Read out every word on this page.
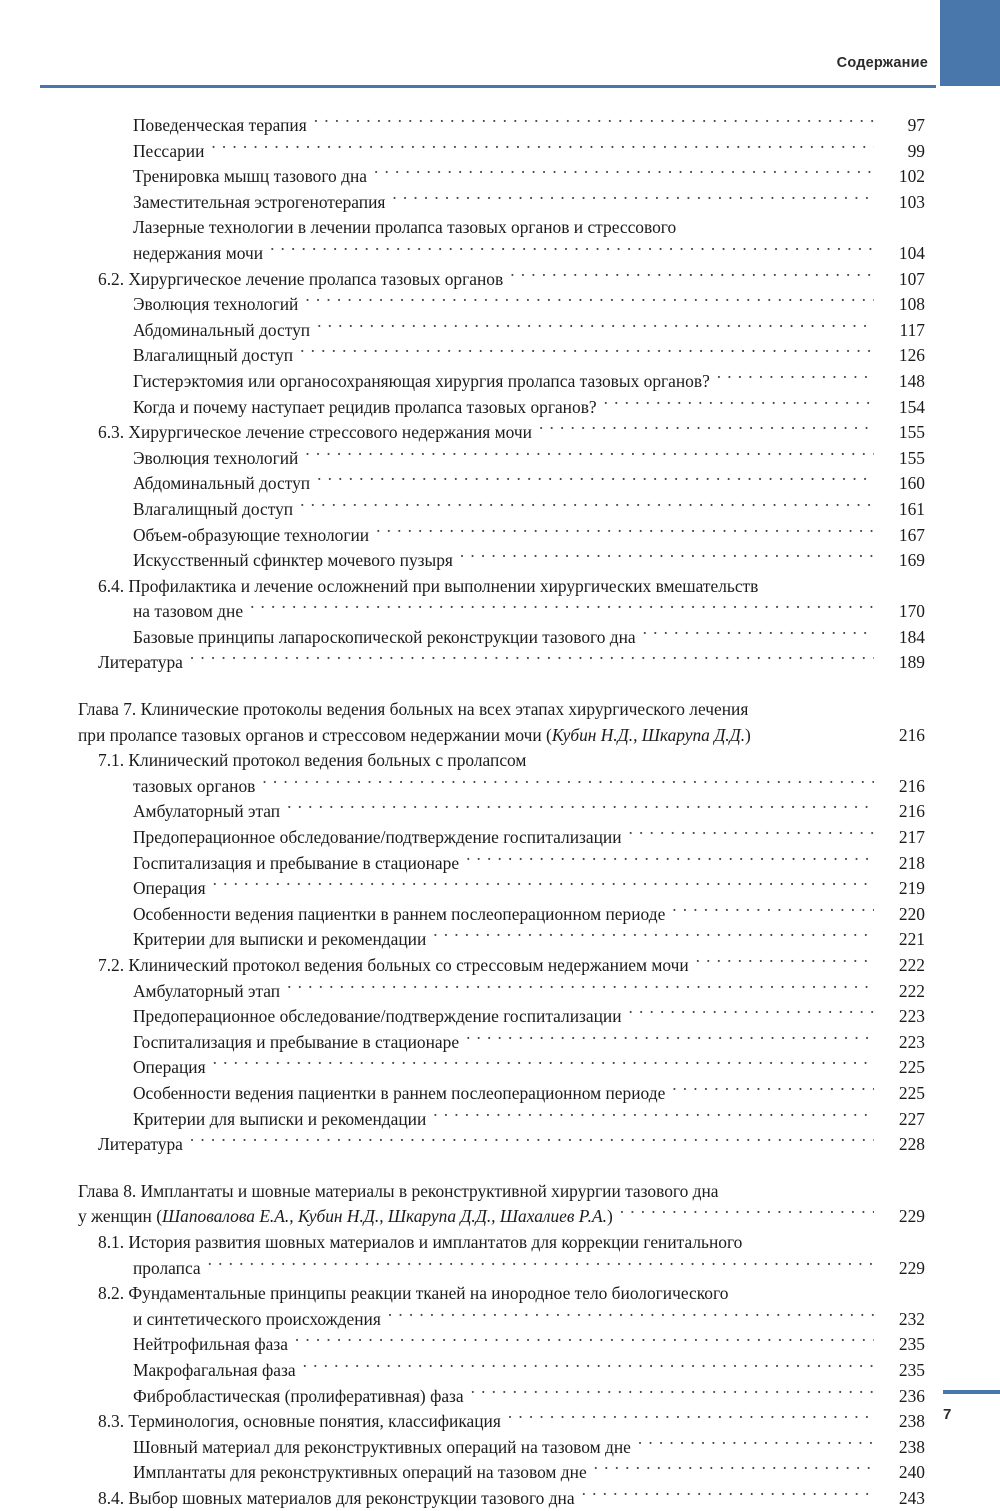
Содержание
Поведенческая терапия . . .	97
Пессарии . . .	99
Тренировка мышц тазового дна . . .	102
Заместительная эстрогенотерапия . . .	103
Лазерные технологии в лечении пролапса тазовых органов и стрессового
недержания мочи . . .	104
6.2. Хирургическое лечение пролапса тазовых органов . . .	107
Эволюция технологий . . .	108
Абдоминальный доступ . . .	117
Влагалищный доступ . . .	126
Гистерэктомия или органосохраняющая хирургия пролапса тазовых органов? . . .	148
Когда и почему наступает рецидив пролапса тазовых органов? . . .	154
6.3. Хирургическое лечение стрессового недержания мочи . . .	155
Эволюция технологий . . .	155
Абдоминальный доступ . . .	160
Влагалищный доступ . . .	161
Объем-образующие технологии . . .	167
Искусственный сфинктер мочевого пузыря . . .	169
6.4. Профилактика и лечение осложнений при выполнении хирургических вмешательств
на тазовом дне . . .	170
Базовые принципы лапароскопической реконструкции тазового дна . . .	184
Литература . . .	189
Глава 7. Клинические протоколы ведения больных на всех этапах хирургического лечения
при пролапсе тазовых органов и стрессовом недержании мочи (Кубин Н.Д., Шкарупа Д.Д.)	216
7.1. Клинический протокол ведения больных с пролапсом
тазовых органов . . .	216
Амбулаторный этап . . .	216
Предоперационное обследование/подтверждение госпитализации . . .	217
Госпитализация и пребывание в стационаре . . .	218
Операция . . .	219
Особенности ведения пациентки в раннем послеоперационном периоде . . .	220
Критерии для выписки и рекомендации . . .	221
7.2. Клинический протокол ведения больных со стрессовым недержанием мочи . . .	222
Амбулаторный этап . . .	222
Предоперационное обследование/подтверждение госпитализации . . .	223
Госпитализация и пребывание в стационаре . . .	223
Операция . . .	225
Особенности ведения пациентки в раннем послеоперационном периоде . . .	225
Критерии для выписки и рекомендации . . .	227
Литература . . .	228
Глава 8. Имплантаты и шовные материалы в реконструктивной хирургии тазового дна
у женщин (Шаповалова Е.А., Кубин Н.Д., Шкарупа Д.Д., Шахалиев Р.А.) . . .	229
8.1. История развития шовных материалов и имплантатов для коррекции генитального
пролапса . . .	229
8.2. Фундаментальные принципы реакции тканей на инородное тело биологического
и синтетического происхождения . . .	232
Нейтрофильная фаза . . .	235
Макрофагальная фаза . . .	235
Фибробластическая (пролиферативная) фаза . . .	236
8.3. Терминология, основные понятия, классификация . . .	238
Шовный материал для реконструктивных операций на тазовом дне . . .	238
Имплантаты для реконструктивных операций на тазовом дне . . .	240
8.4. Выбор шовных материалов для реконструкции тазового дна . . .	243
7
